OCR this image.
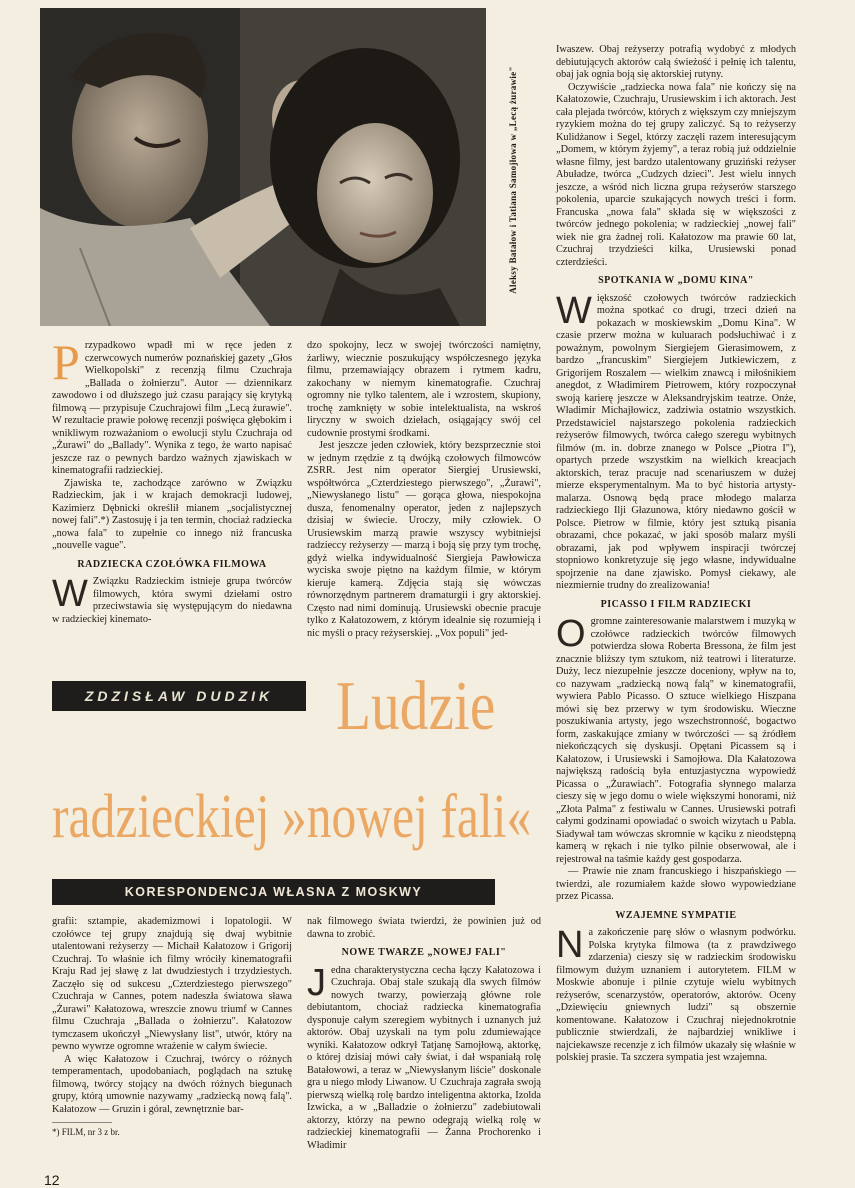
Aleksy Batałow i Tatiana Samojłowa w „Lecą żurawie"

Przypadkowo wpadł mi w ręce jeden z czerwcowych numerów poznańskiej gazety „Głos Wielkopolski" z recenzją filmu Czuchraja „Ballada o żołnierzu". Autor — dziennikarz zawodowo i od dłuższego już czasu parający się krytyką filmową — przypisuje Czuchrajowi film „Lecą żurawie". W rezultacie prawie połowę recenzji poświęca głębokim i wnikliwym rozważaniom o ewolucji stylu Czuchraja od „Żurawi" do „Ballady". Wynika z tego, że warto napisać jeszcze raz o pewnych bardzo ważnych zjawiskach w kinematografii radzieckiej.

Zjawiska te, zachodzące zarówno w Związku Radzieckim, jak i w krajach demokracji ludowej, Kazimierz Dębnicki określił mianem „socjalistycznej nowej fali".*) Zastosuję i ja ten termin, chociaż radziecka „nowa fala" to zupełnie co innego niż francuska „nouvelle vague".

RADZIECKA CZOŁÓWKA FILMOWA

W Związku Radzieckim istnieje grupa twórców filmowych, która swymi dziełami ostro przeciwstawia się występującym do niedawna w radzieckiej kinemato-

dzo spokojny, lecz w swojej twórczości namiętny, żarliwy, wiecznie poszukujący współczesnego języka filmu, przemawiający obrazem i rytmem kadru, zakochany w niemym kinematografie. Czuchraj ogromny nie tylko talentem, ale i wzrostem, skupiony, trochę zamknięty w sobie intelektualista, na wskroś liryczny w swoich dziełach, osiągający swój cel cudownie prostymi środkami.

Jest jeszcze jeden człowiek, który bezsprzecznie stoi w jednym rzędzie z tą dwójką czołowych filmowców ZSRR. Jest nim operator Siergiej Urusiewski, współtwórca „Czterdziestego pierwszego", „Żurawi", „Niewysłanego listu" — gorąca głowa, niespokojna dusza, fenomenalny operator, jeden z najlepszych dzisiaj w świecie. Uroczy, miły człowiek. O Urusiewskim marzą prawie wszyscy wybitniejsi radzieccy reżyserzy — marzą i boją się przy tym trochę, gdyż wielka indywidualność Siergieja Pawłowicza wyciska swoje piętno na każdym filmie, w którym kieruje kamerą. Zdjęcia stają się wówczas równorzędnym partnerem dramaturgii i gry aktorskiej. Często nad nimi dominują. Urusiewski obecnie pracuje tylko z Kałatozowem, z którym idealnie się rozumieją i nic myśli o pracy reżyserskiej. „Vox populi" jed-

Iwaszew. Obaj reżyserzy potrafią wydobyć z młodych debiutujących aktorów całą świeżość i pełnię ich talentu, obaj jak ognia boją się aktorskiej rutyny.

Oczywiście „radziecka nowa fala" nie kończy się na Kałatozowie, Czuchraju, Urusiewskim i ich aktorach. Jest cała plejada twórców, których z większym czy mniejszym ryzykiem można do tej grupy zaliczyć. Są to reżyserzy Kulidżanow i Segel, którzy zaczęli razem interesującym „Domem, w którym żyjemy", a teraz robią już oddzielnie własne filmy, jest bardzo utalentowany gruziński reżyser Abuładze, twórca „Cudzych dzieci". Jest wielu innych jeszcze, a wśród nich liczna grupa reżyserów starszego pokolenia, uparcie szukających nowych treści i form. Francuska „nowa fala" składa się w większości z twórców jednego pokolenia; w radzieckiej „nowej fali" wiek nie gra żadnej roli. Kałatozow ma prawie 60 lat, Czuchraj trzydzieści kilka, Urusiewski ponad czterdzieści.

SPOTKANIA W „DOMU KINA"

Większość czołowych twórców radzieckich można spotkać co drugi, trzeci dzień na pokazach w moskiewskim „Domu Kina". W czasie przerw można w kuluarach podsłuchiwać i z poważnym, powolnym Siergiejem Gierasimowem, z bardzo „francuskim" Siergiejem Jutkiewiczem, z Grigorijem Roszalem — wielkim znawcą i miłośnikiem anegdot, z Władimirem Pietrowem, który rozpoczynał swoją karierę jeszcze w Aleksandryjskim teatrze. Onże, Władimir Michajłowicz, zadziwia ostatnio wszystkich. Przedstawiciel najstarszego pokolenia radzieckich reżyserów filmowych, twórca całego szeregu wybitnych filmów (m. in. dobrze znanego w Polsce „Piotra I"), opartych przede wszystkim na wielkich kreacjach aktorskich, teraz pracuje nad scenariuszem w dużej mierze eksperymentalnym. Ma to być historia artysty-malarza. Osnową będą prace młodego malarza radzieckiego Ilji Głazunowa, który niedawno gościł w Polsce. Pietrow w filmie, który jest sztuką pisania obrazami, chce pokazać, w jaki sposób malarz myśli obrazami, jak pod wpływem inspiracji twórczej stopniowo konkretyzuje się jego własne, indywidualne spojrzenie na dane zjawisko. Pomysł ciekawy, ale niezmiernie trudny do zrealizowania!

PICASSO I FILM RADZIECKI

Ogromne zainteresowanie malarstwem i muzyką w czołówce radzieckich twórców filmowych potwierdza słowa Roberta Bressona, że film jest znacznie bliższy tym sztukom, niż teatrowi i literaturze. Duży, lecz niezupełnie jeszcze doceniony, wpływ na to, co nazywam „radziecką nową falą" w kinematografii, wywiera Pablo Picasso. O sztuce wielkiego Hiszpana mówi się bez przerwy w tym środowisku. Wieczne poszukiwania artysty, jego wszechstronność, bogactwo form, zaskakujące zmiany w twórczości — są źródłem niekończących się dyskusji. Opętani Picassem są i Kałatozow, i Urusiewski i Samojłowa. Dla Kałatozowa największą radością była entuzjastyczna wypowiedź Picassa o „Żurawiach". Fotografia słynnego malarza cieszy się w jego domu o wiele większymi honorami, niż „Złota Palma" z festiwalu w Cannes. Urusiewski potrafi całymi godzinami opowiadać o swoich wizytach u Pabla. Siadywał tam wówczas skromnie w kąciku z nieodstępną kamerą w rękach i nie tylko pilnie obserwował, ale i rejestrował na taśmie każdy gest gospodarza.

— Prawie nie znam francuskiego i hiszpańskiego — twierdzi, ale rozumiałem każde słowo wypowiedziane przez Picassa.

WZAJEMNE SYMPATIE

Na zakończenie parę słów o własnym podwórku. Polska krytyka filmowa (ta z prawdziwego zdarzenia) cieszy się w radzieckim środowisku filmowym dużym uznaniem i autorytetem. FILM w Moskwie abonuje i pilnie czytuje wielu wybitnych reżyserów, scenarzystów, operatorów, aktorów. Oceny „Dziewięciu gniewnych ludzi" są obszernie komentowane. Kałatozow i Czuchraj niejednokrotnie publicznie stwierdzali, że najbardziej wnikliwe i najciekawsze recenzje z ich filmów ukazały się właśnie w polskiej prasie. Ta szczera sympatia jest wzajemna.

ZDZISŁAW DUDZIK Ludzie
radzieckiej »nowej fali«
KORESPONDENCJA WŁASNA Z MOSKWY

grafii: sztampie, akademizmowi i lopatologii. W czołówce tej grupy znajdują się dwaj wybitnie utalentowani reżyserzy — Michaił Kałatozow i Grigorij Czuchraj. To właśnie ich filmy wróciły kinematografii Kraju Rad jej sławę z lat dwudziestych i trzydziestych. Zaczęło się od sukcesu „Czterdziestego pierwszego" Czuchraja w Cannes, potem nadeszła światowa sława „Żurawi" Kałatozowa, wreszcie znowu triumf w Cannes filmu Czuchraja „Ballada o żołnierzu". Kałatozow tymczasem ukończył „Niewysłany list", utwór, który na pewno wywrze ogromne wrażenie w całym świecie.

A więc Kałatozow i Czuchraj, twórcy o różnych temperamentach, upodobaniach, poglądach na sztukę filmową, twórcy stojący na dwóch różnych biegunach grupy, którą umownie nazywamy „radziecką nową falą". Kałatozow — Gruzin i góral, zewnętrznie bar-

*) FILM, nr 3 z br.

nak filmowego świata twierdzi, że powinien już od dawna to zrobić.

NOWE TWARZE „NOWEJ FALI"

Jedna charakterystyczna cecha łączy Kałatozowa i Czuchraja. Obaj stale szukają dla swych filmów nowych twarzy, powierzają główne role debiutantom, chociaż radziecka kinematografia dysponuje całym szeregiem wybitnych i uznanych już aktorów. Obaj uzyskali na tym polu zdumiewające wyniki. Kałatozow odkrył Tatjanę Samojłową, aktorkę, o której dzisiaj mówi cały świat, i dał wspaniałą rolę Batałowowi, a teraz w „Niewysłanym liście" doskonale gra u niego młody Liwanow. U Czuchraja zagrała swoją pierwszą wielką rolę bardzo inteligentna aktorka, Izolda Izwicka, a w „Balladzie o żołnierzu" zadebiutowali aktorzy, którzy na pewno odegrają wielką rolę w radzieckiej kinematografii — Żanna Prochorenko i Władimir

12
